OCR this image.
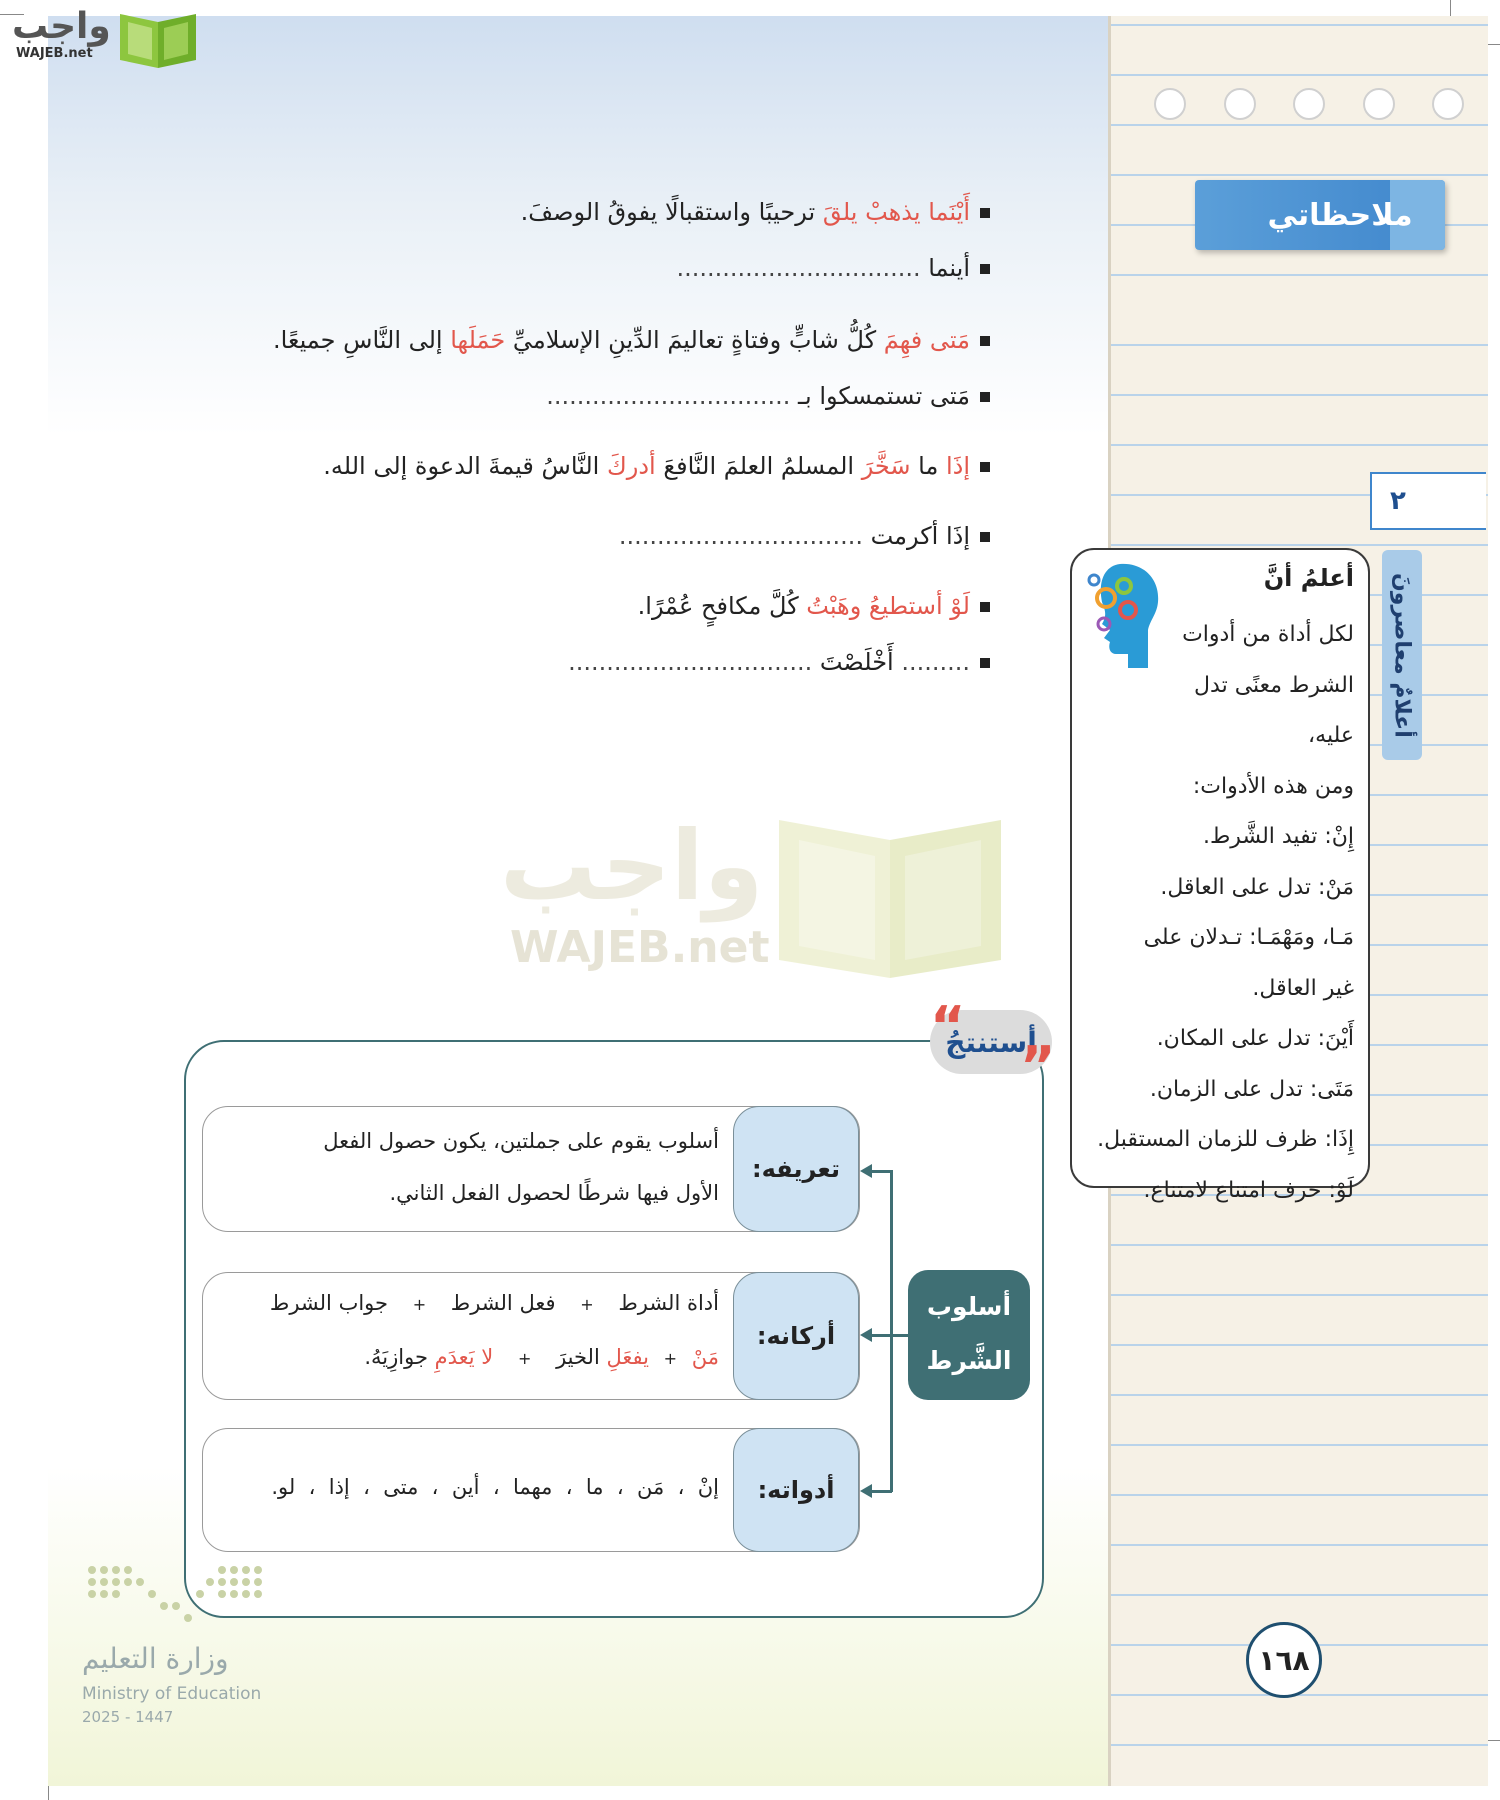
ملاحظاتي
واجب
WAJEB.net
أَيْنَما يذهبْ يلقَ ترحيبًا واستقبالًا يفوقُ الوصفَ.
أينما ................................
مَتى فهِمَ كُلُّ شابٍّ وفتاةٍ تعاليمَ الدِّينِ الإسلاميِّ حَمَلَها إلى النَّاسِ جميعًا.
مَتى تستمسكوا بـ ................................
إذَا ما سَخَّرَ المسلمُ العلمَ النَّافعَ أدركَ النَّاسُ قيمةَ الدعوة إلى الله.
إذَا أكرمت ................................
لَوْ أستطيعُ وهَبْتُ كُلَّ مكافحٍ عُمْرًا.
......... أَخْلَصْتَ ................................
واجب
WAJEB.net
أعلمُ أنَّ
لكل أداة من أدوات
الشرط معنًى تدل عليه،
ومن هذه الأدوات:
إِنْ: تفيد الشَّرط.
مَنْ: تدل على العاقل.
مَـا، ومَهْمَـا: تـدلان على
غير العاقل.
أَيْنَ: تدل على المكان.
مَتَى: تدل على الزمان.
إِذَا: ظرف للزمان المستقبل.
لَوْ: حرف امتناع لامتناع.
٢
أعلامٌ معاصرونَ
أستنتجُ
“
”
أسلوب
الشَّرط
تعريفه:
أسلوب يقوم على جملتين، يكون حصول الفعل
الأول فيها شرطًا لحصول الفعل الثاني.
أركانه:
أداة الشرط + فعل الشرط + جواب الشرط
مَنْ + يفعَلِ الخيرَ + لا يَعدَمِ جوازِيَهُ.
أدواته:
إنْ  ،  مَن  ،  ما  ،  مهما  ،  أين  ،  متى  ،  إذا  ،  لو.
١٦٨
وزارة التعليم
Ministry of Education
2025 - 1447
